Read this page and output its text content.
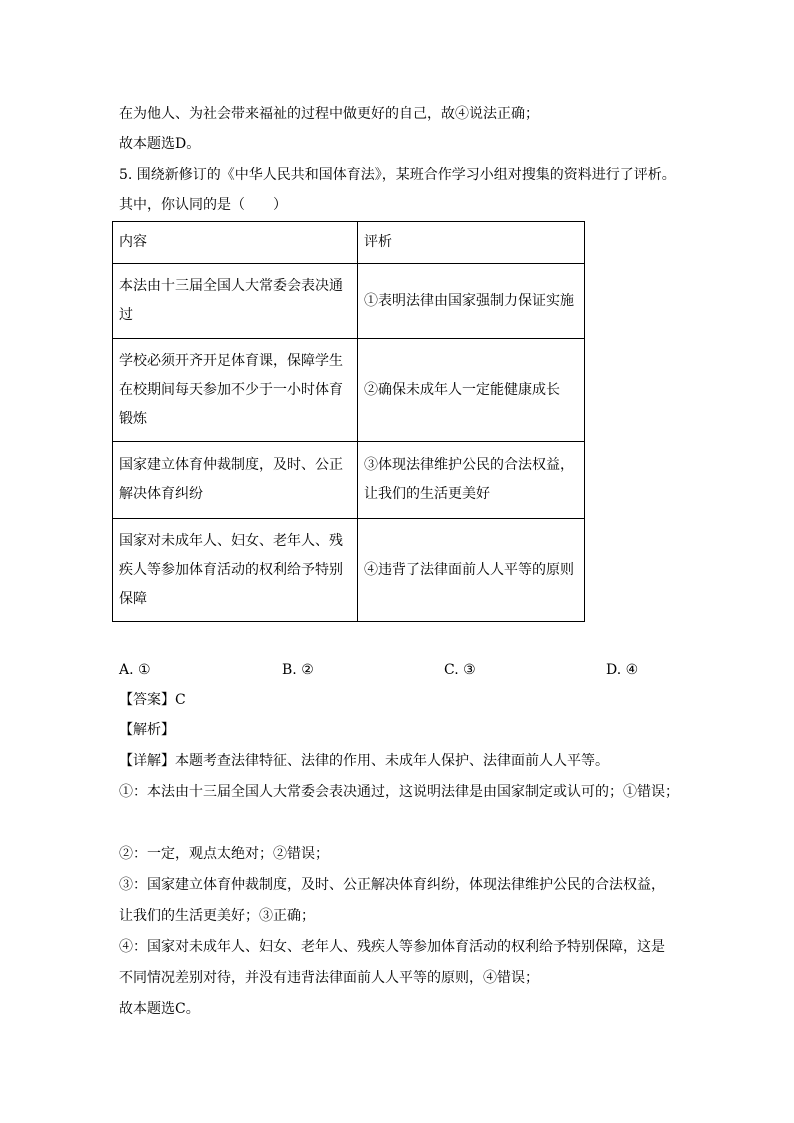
在为他人、为社会带来福祉的过程中做更好的自己，故④说法正确；
故本题选D。
5. 围绕新修订的《中华人民共和国体育法》，某班合作学习小组对搜集的资料进行了评析。
其中，你认同的是（　　）
内容	评析
本法由十三届全国人大常委会表决通过	①表明法律由国家强制力保证实施
学校必须开齐开足体育课，保障学生在校期间每天参加不少于一小时体育锻炼	②确保未成年人一定能健康成长
国家建立体育仲裁制度，及时、公正解决体育纠纷	③体现法律维护公民的合法权益，让我们的生活更美好
国家对未成年人、妇女、老年人、残疾人等参加体育活动的权利给予特别保障	④违背了法律面前人人平等的原则
A. ①	B. ②	C. ③	D. ④
【答案】C
【解析】
【详解】本题考查法律特征、法律的作用、未成年人保护、法律面前人人平等。
①：本法由十三届全国人大常委会表决通过，这说明法律是由国家制定或认可的；①错误；
②：一定，观点太绝对；②错误；
③：国家建立体育仲裁制度，及时、公正解决体育纠纷，体现法律维护公民的合法权益，
让我们的生活更美好；③正确；
④：国家对未成年人、妇女、老年人、残疾人等参加体育活动的权利给予特别保障，这是
不同情况差别对待，并没有违背法律面前人人平等的原则，④错误；
故本题选C。
